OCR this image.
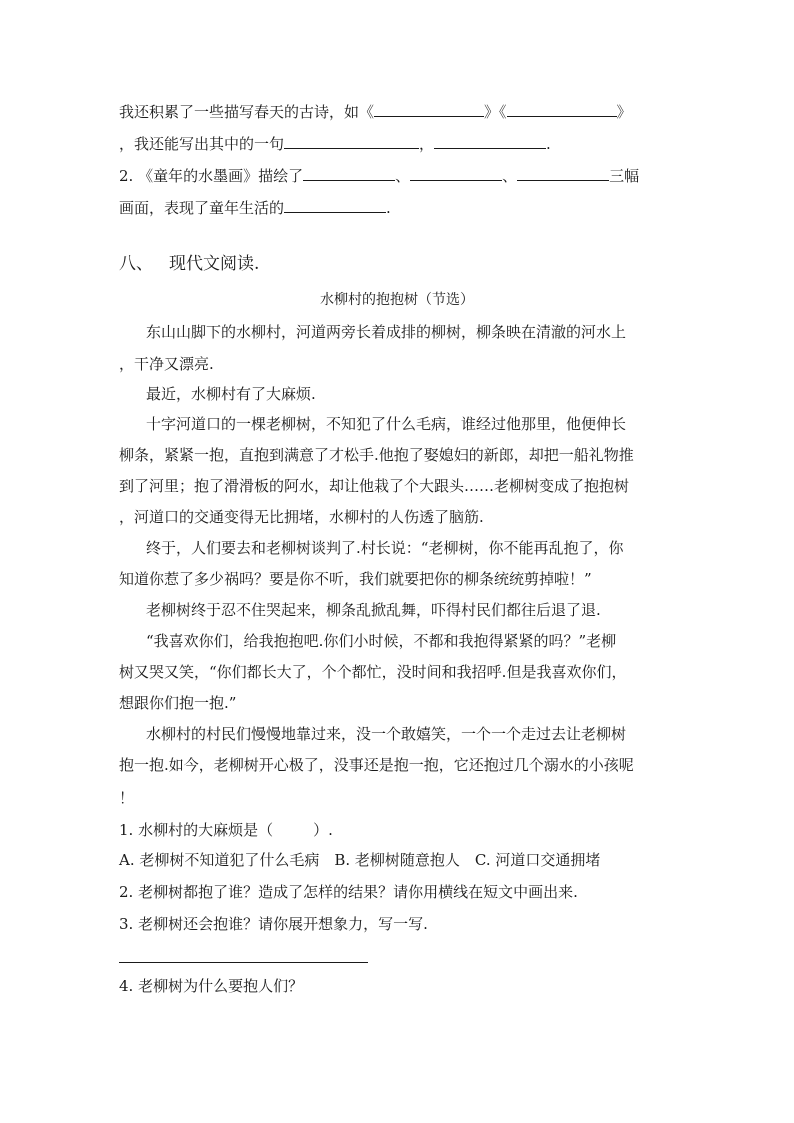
我还积累了一些描写春天的古诗，如《	》《	》
，我还能写出其中的一句	，	.
2. 《童年的水墨画》描绘了	、	、	三幅
画面，表现了童年生活的	.
八、 现代文阅读.
水柳村的抱抱树（节选）
东山山脚下的水柳村，河道两旁长着成排的柳树，柳条映在清澈的河水上
，干净又漂亮.
最近，水柳村有了大麻烦.
十字河道口的一棵老柳树，不知犯了什么毛病，谁经过他那里，他便伸长
柳条，紧紧一抱，直抱到满意了才松手.他抱了娶媳妇的新郎，却把一船礼物推
到了河里；抱了滑滑板的阿水，却让他栽了个大跟头……老柳树变成了抱抱树
，河道口的交通变得无比拥堵，水柳村的人伤透了脑筋.
终于，人们要去和老柳树谈判了.村长说：“老柳树，你不能再乱抱了，你
知道你惹了多少祸吗？要是你不听，我们就要把你的柳条统统剪掉啦！”
老柳树终于忍不住哭起来，柳条乱掀乱舞，吓得村民们都往后退了退.
“我喜欢你们，给我抱抱吧.你们小时候，不都和我抱得紧紧的吗？”老柳
树又哭又笑，“你们都长大了，个个都忙，没时间和我招呼.但是我喜欢你们，
想跟你们抱一抱.”
水柳村的村民们慢慢地靠过来，没一个敢嬉笑，一个一个走过去让老柳树
抱一抱.如今，老柳树开心极了，没事还是抱一抱，它还抱过几个溺水的小孩呢
！
1. 水柳村的大麻烦是（	）.
A. 老柳树不知道犯了什么毛病　B. 老柳树随意抱人　C. 河道口交通拥堵
2. 老柳树都抱了谁？造成了怎样的结果？请你用横线在短文中画出来.
3. 老柳树还会抱谁？请你展开想象力，写一写.
4. 老柳树为什么要抱人们？
